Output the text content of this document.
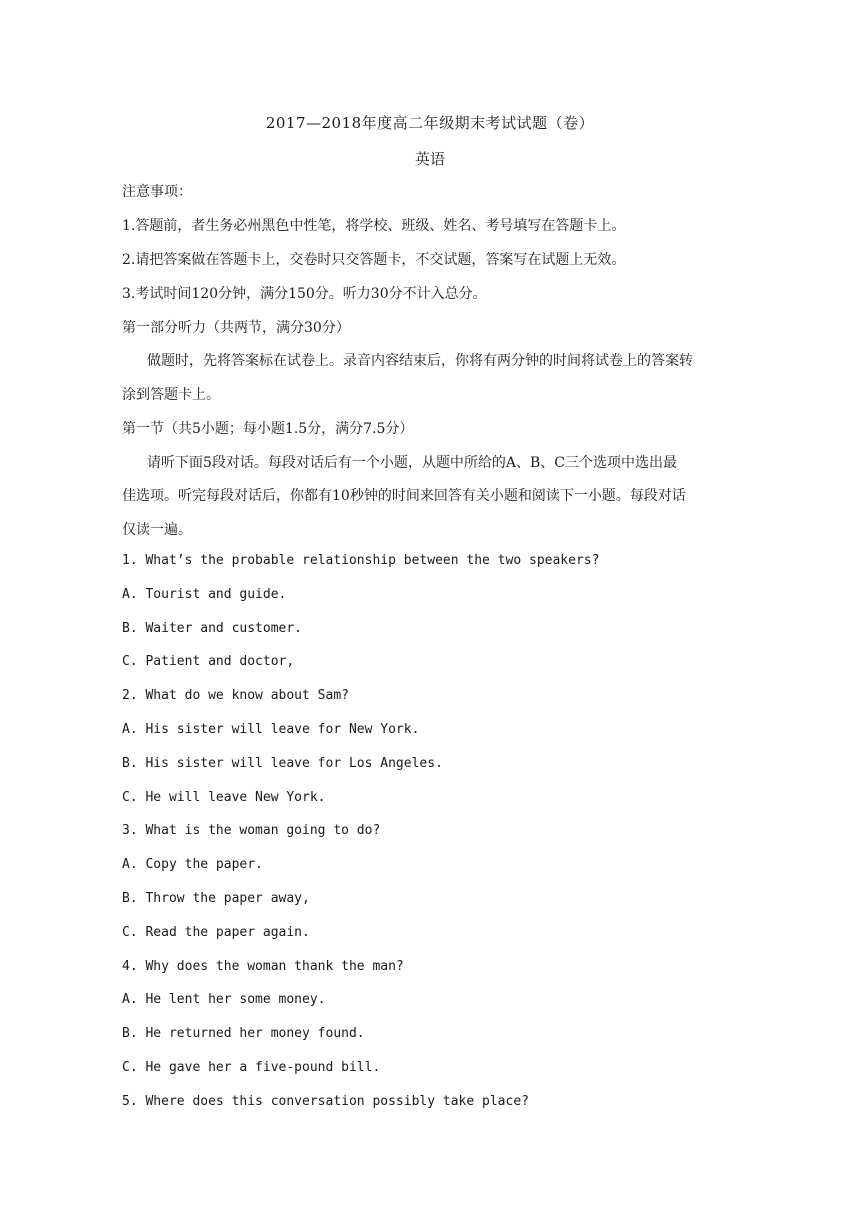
2017—2018年度高二年级期末考试试题（卷）
英语
注意事项：
1.答题前，者生务必州黑色中性笔，将学校、班级、姓名、考号填写在答题卡上。
2.请把答案做在答题卡上，交卷时只交答题卡，不交试题，答案写在试题上无效。
3.考试时间120分钟，满分150分。听力30分不计入总分。
第一部分听力（共两节，满分30分）
做题时，先将答案标在试卷上。录音内容结束后，你将有两分钟的时间将试卷上的答案转
涂到答题卡上。
第一节（共5小题；每小题1.5分，满分7.5分）
请听下面5段对话。每段对话后有一个小题，从题中所给的A、B、C三个选项中选出最
佳选项。听完每段对话后，你都有10秒钟的时间来回答有关小题和阅读下一小题。每段对话
仅读一遍。
1. What’s the probable relationship between the two speakers?
A. Tourist and guide.
B. Waiter and customer.
C. Patient and doctor,
2. What do we know about Sam?
A. His sister will leave for New York.
B. His sister will leave for Los Angeles.
C. He will leave New York.
3. What is the woman going to do?
A. Copy the paper.
B. Throw the paper away,
C. Read the paper again.
4. Why does the woman thank the man?
A. He lent her some money.
B. He returned her money found.
C. He gave her a five-pound bill.
5. Where does this conversation possibly take place?
